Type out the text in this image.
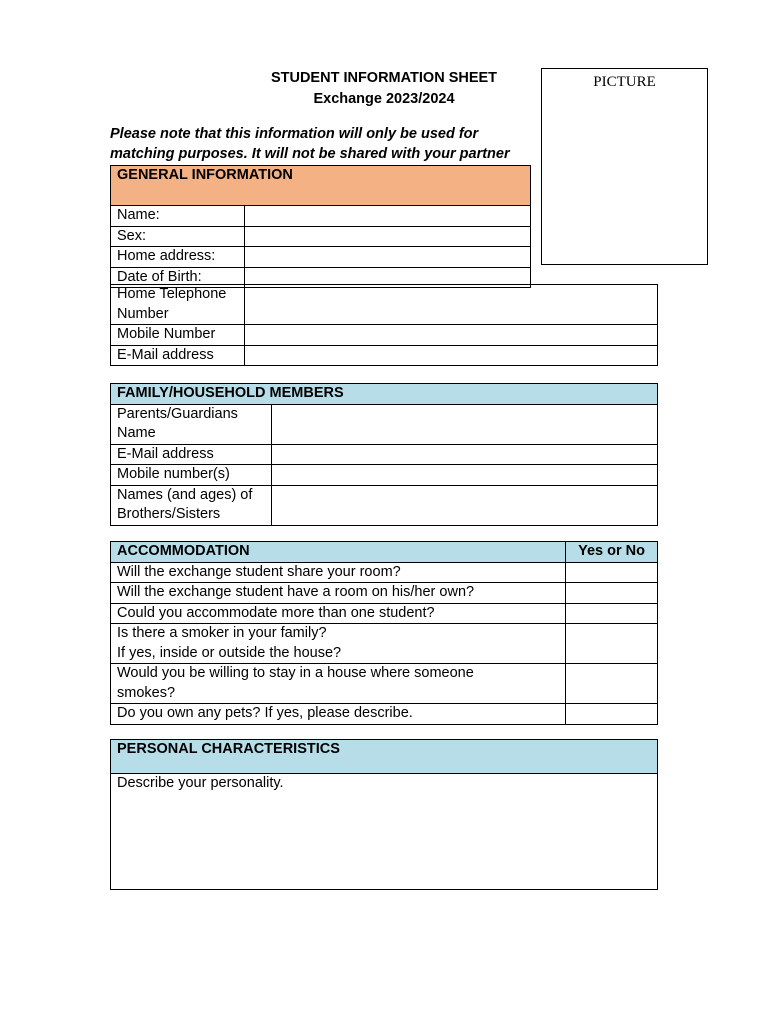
STUDENT INFORMATION SHEET
Exchange 2023/2024
Please note that this information will only be used for
matching purposes. It will not be shared with your partner
PICTURE
GENERAL INFORMATION	
Name:	
Sex:	
Home address:	
Date of Birth:	
Home Telephone
Number	

Mobile Number	
E-Mail address	
FAMILY/HOUSEHOLD MEMBERS	

Parents/Guardians
Name	

E-Mail address	
Mobile number(s)	

Names (and ages) of
Brothers/Sisters	

ACCOMMODATION	Yes or No
Will the exchange student share your room?	
Will the exchange student have a room on his/her own?	
Could you accommodate more than one student?	

Is there a smoker in your family?
If yes, inside or outside the house?	

Would you be willing to stay in a house where someone
smokes?	

Do you own any pets? If yes, please describe.	
PERSONAL CHARACTERISTICS

Describe your personality.
